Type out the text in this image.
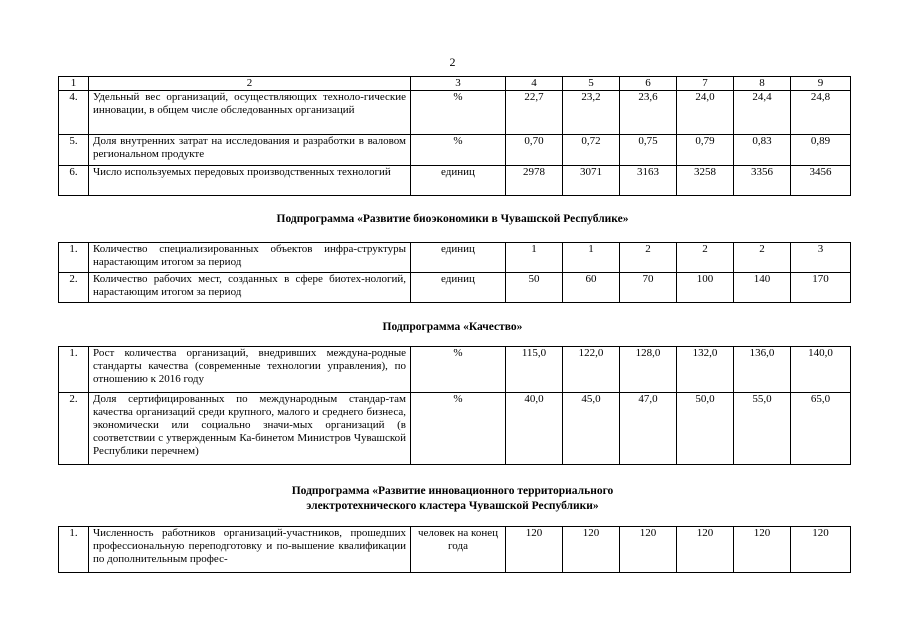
2
1	2	3	4	5	6	7	8	9
4.	Удельный вес организаций, осуществляющих техноло-гические инновации, в общем числе обследованных организаций	%	22,7	23,2	23,6	24,0	24,4	24,8
5.	Доля внутренних затрат на исследования и разработки в валовом региональном продукте	%	0,70	0,72	0,75	0,79	0,83	0,89
6.	Число используемых передовых производственных технологий	единиц	2978	3071	3163	3258	3356	3456
Подпрограмма «Развитие биоэкономики в Чувашской Республике»
1.	Количество специализированных объектов инфра-структуры нарастающим итогом за период	единиц	1	1	2	2	2	3
2.	Количество рабочих мест, созданных в сфере биотех-нологий, нарастающим итогом за период	единиц	50	60	70	100	140	170
Подпрограмма «Качество»
1.	Рост количества организаций, внедривших междуна-родные стандарты качества (современные технологии управления), по отношению к 2016 году	%	115,0	122,0	128,0	132,0	136,0	140,0
2.	Доля сертифицированных по международным стандар-там качества организаций среди крупного, малого и среднего бизнеса, экономически или социально значи-мых организаций (в соответствии с утвержденным Ка-бинетом Министров Чувашской Республики перечнем)	%	40,0	45,0	47,0	50,0	55,0	65,0
Подпрограмма «Развитие инновационного территориального
электротехнического кластера Чувашской Республики»
1.	Численность работников организаций-участников, прошедших профессиональную переподготовку и по-вышение квалификации по дополнительным профес-	человек на конец года	120	120	120	120	120	120
